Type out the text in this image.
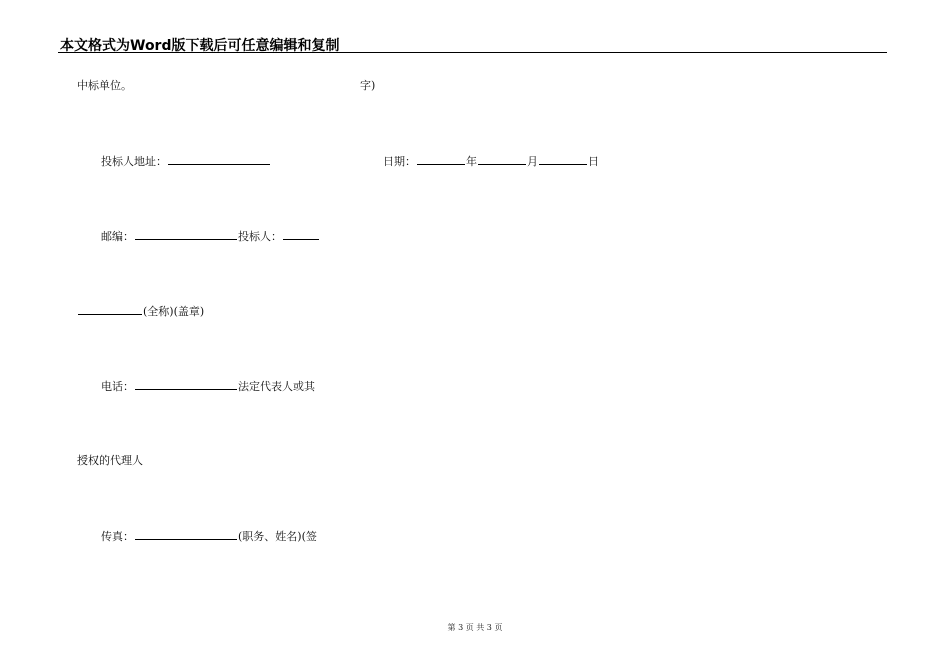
本文格式为Word版下载后可任意编辑和复制
中标单位。	字)
投标人地址：	日期：	年	月	日
邮编：	投标人：
(全称)(盖章)
电话：	法定代表人或其
授权的代理人
传真：	(职务、姓名)(签
第 3 页 共 3 页
